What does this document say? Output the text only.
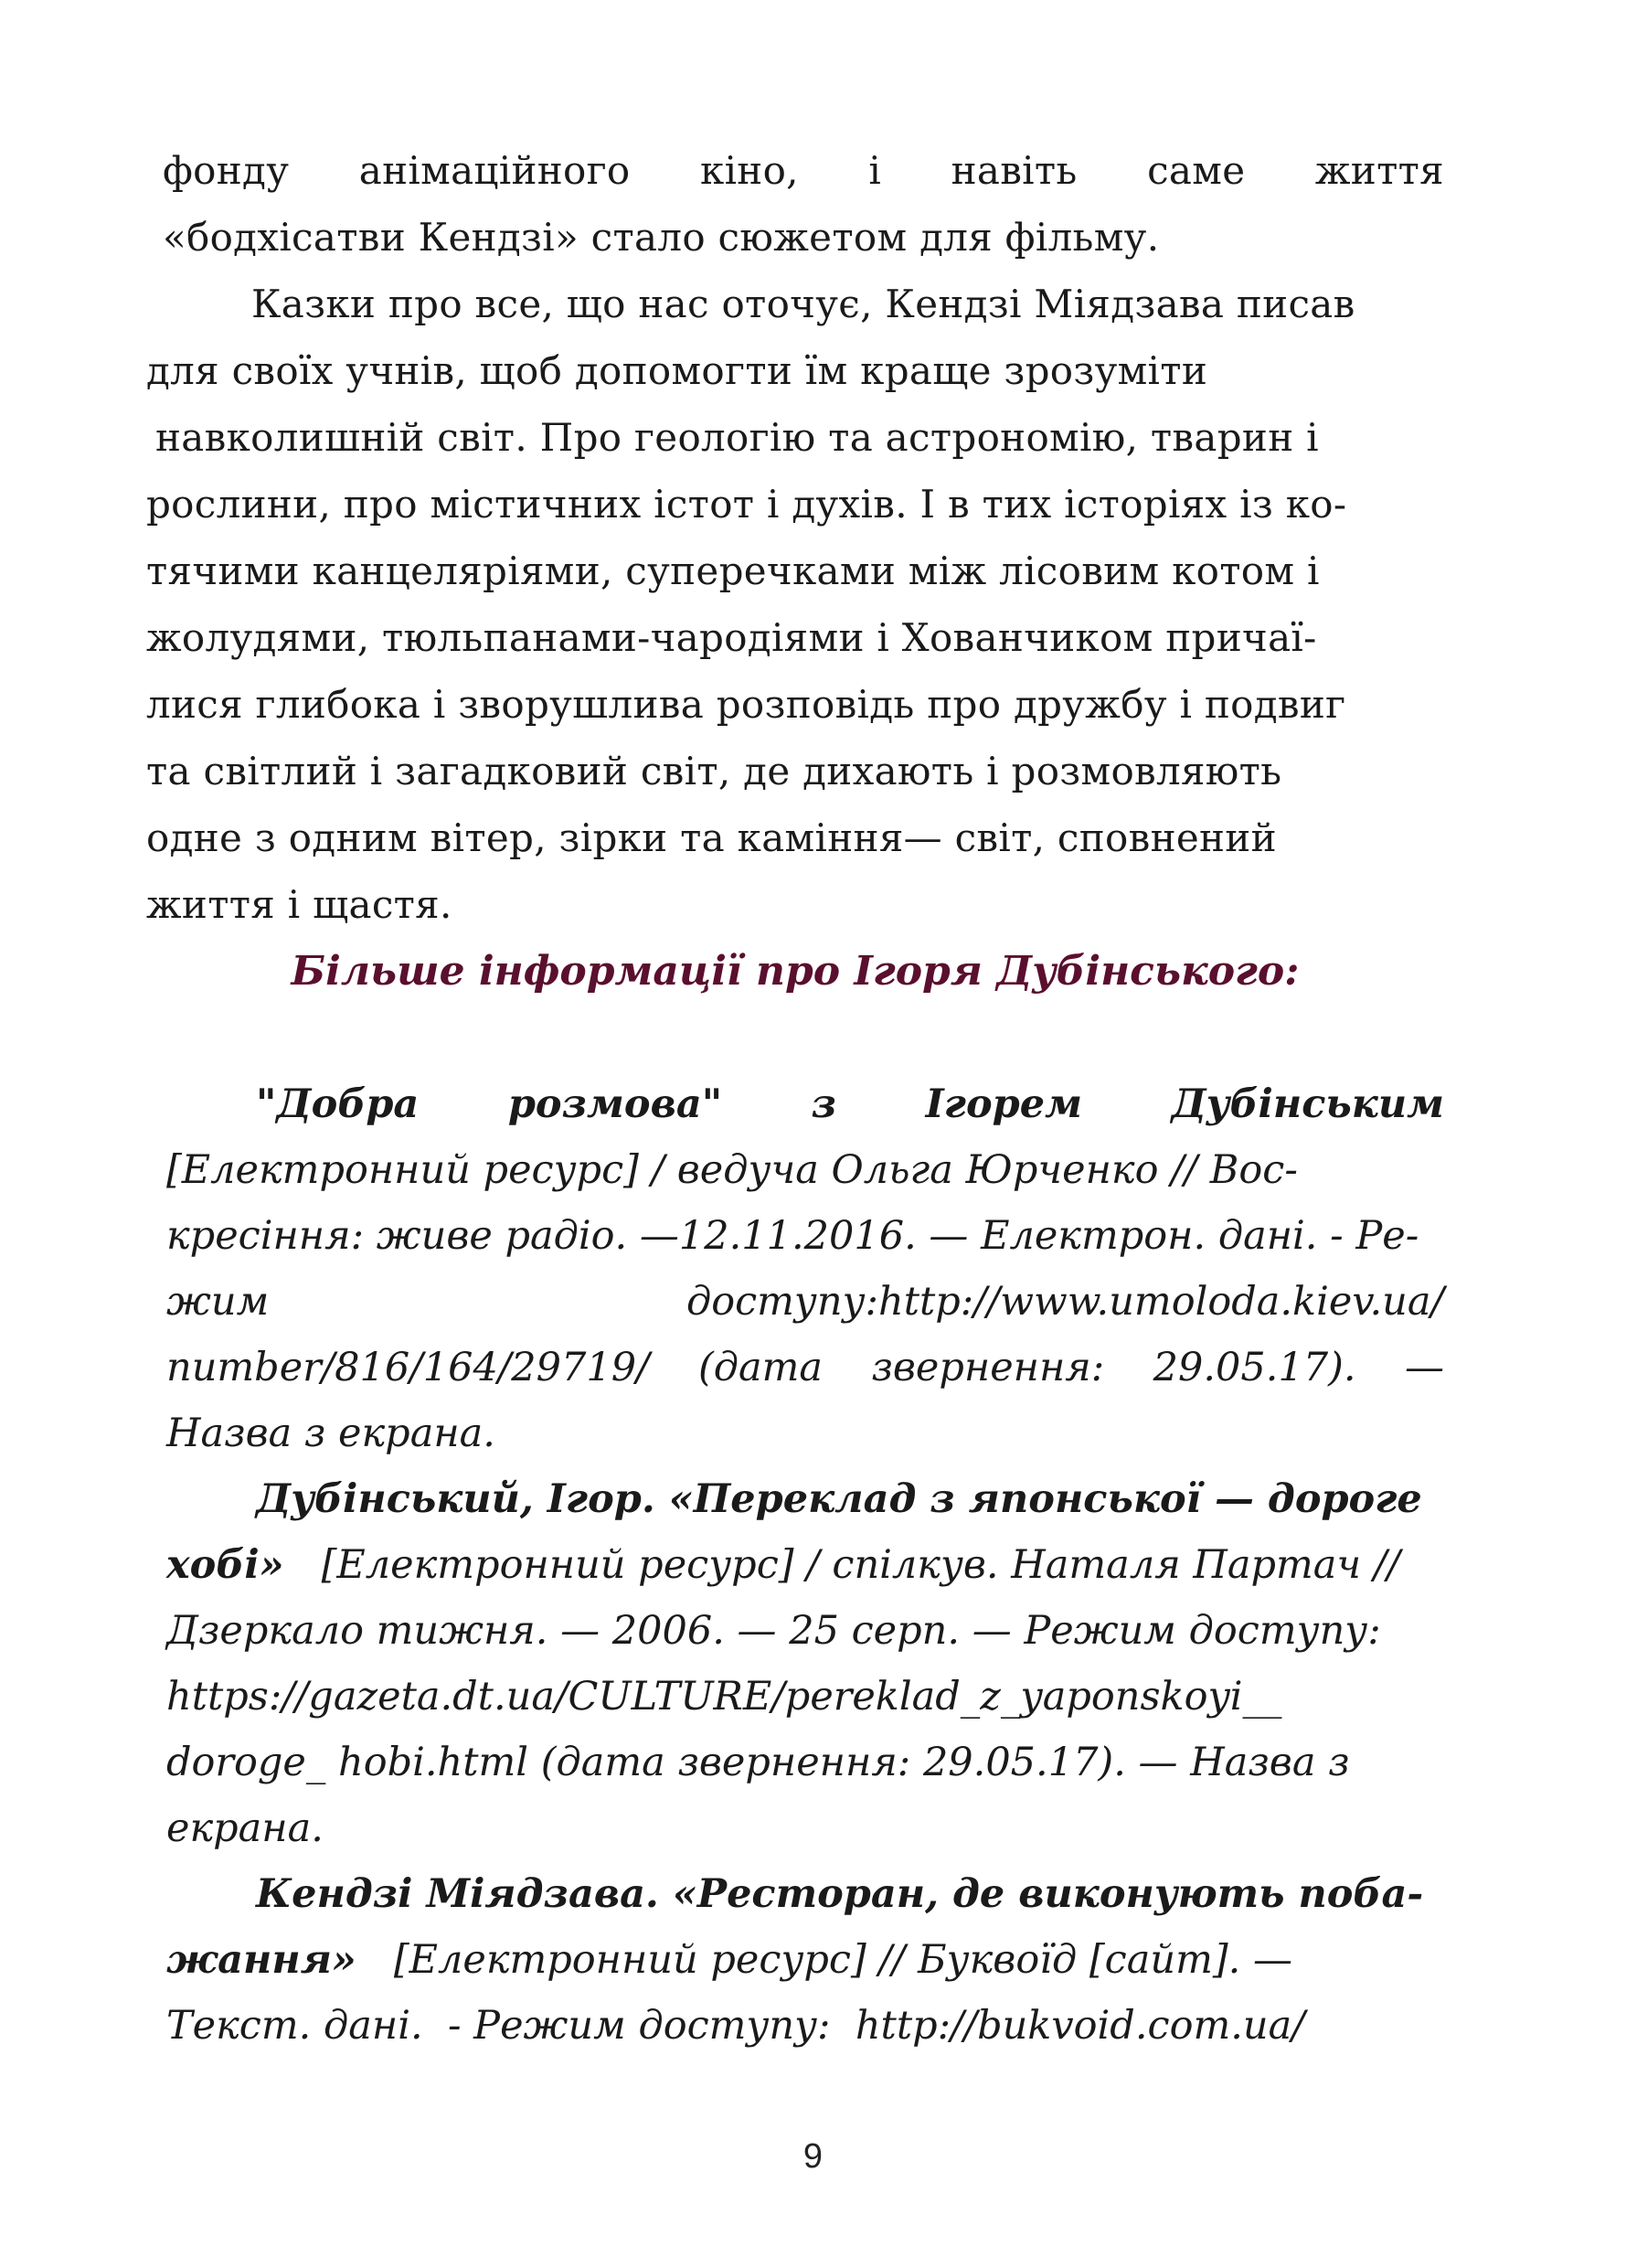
фонду анімаційного кіно, і навіть саме життя
«бодхісатви Кендзі» стало сюжетом для фільму.
Казки про все, що нас оточує, Кендзі Міядзава писав
для своїх учнів, щоб допомогти їм краще зрозуміти
навколишній світ. Про геологію та астрономію, тварин і
рослини, про містичних істот і духів. І в тих історіях із ко-
тячими канцеляріями, суперечками між лісовим котом і
жолудями, тюльпанами-чародіями і Хованчиком причаї-
лися глибока і зворушлива розповідь про дружбу і подвиг
та світлий і загадковий світ, де дихають і розмовляють
одне з одним вітер, зірки та каміння— світ, сповнений
життя і щастя.
Більше інформації про Ігоря Дубінського:
"Добра розмова" з Ігорем Дубінським
[Електронний ресурс] / ведуча Ольга Юрченко // Вос-
кресіння: живе радіо. —12.11.2016. — Електрон. дані. - Ре-
жим	доступу:http://www.umoloda.kiev.ua/
number/816/164/29719/ (дата звернення: 29.05.17). —
Назва з екрана.
Дубінський, Ігор. «Переклад з японської — дороге
хобі» [Електронний ресурс] / спілкув. Наталя Партач //
Дзеркало тижня. — 2006. — 25 серп. — Режим доступу:
https://gazeta.dt.ua/CULTURE/pereklad_z_yaponskoyi__
doroge_ hobi.html (дата звернення: 29.05.17). — Назва з
екрана.
Кендзі Міядзава. «Ресторан, де виконують поба-
жання» [Електронний ресурс] // Буквоїд [сайт]. —
Текст. дані.  - Режим доступу:  http://bukvoid.com.ua/
9
